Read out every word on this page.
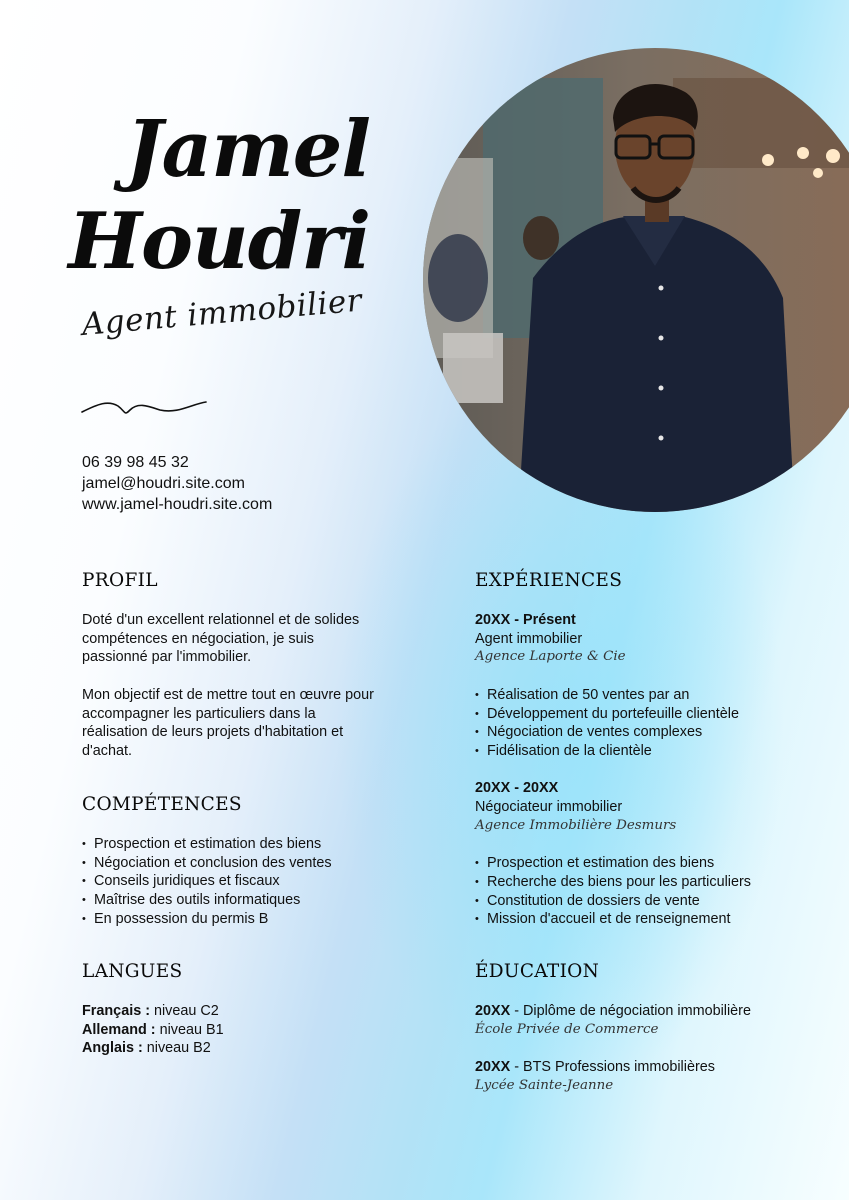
Jamel
Houdri
Agent immobilier
06 39 98 45 32
jamel@houdri.site.com
www.jamel-houdri.site.com
PROFIL

Doté d'un excellent relationnel et de solides compétences en négociation, je suis passionné par l'immobilier.

Mon objectif est de mettre tout en œuvre pour accompagner les particuliers dans la réalisation de leurs projets d'habitation et d'achat.

COMPÉTENCES
• Prospection et estimation des biens
• Négociation et conclusion des ventes
• Conseils juridiques et fiscaux
• Maîtrise des outils informatiques
• En possession du permis B
LANGUES
Français : niveau C2
Allemand : niveau B1
Anglais : niveau B2
EXPÉRIENCES
20XX - Présent
Agent immobilier
Agence Laporte & Cie
• Réalisation de 50 ventes par an
• Développement du portefeuille clientèle
• Négociation de ventes complexes
• Fidélisation de la clientèle
20XX - 20XX
Négociateur immobilier
Agence Immobilière Desmurs
• Prospection et estimation des biens
• Recherche des biens pour les particuliers
• Constitution de dossiers de vente
• Mission d'accueil et de renseignement
ÉDUCATION
20XX - Diplôme de négociation immobilière
École Privée de Commerce
20XX - BTS Professions immobilières
Lycée Sainte-Jeanne
